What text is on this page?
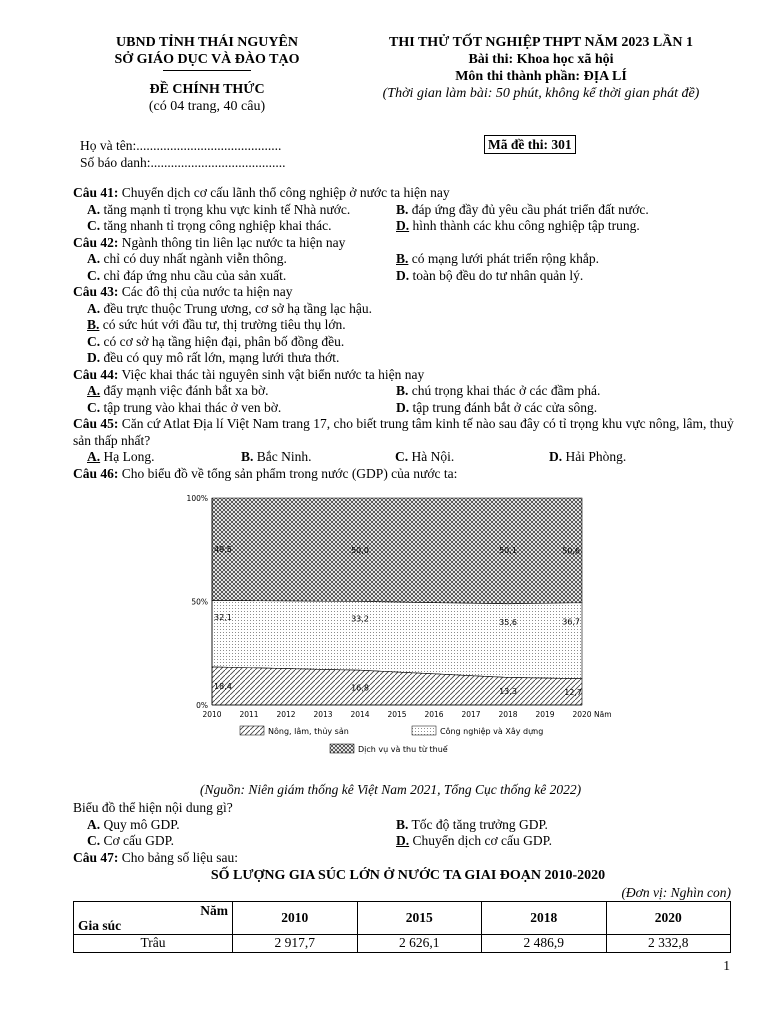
UBND TỈNH THÁI NGUYÊN
SỞ GIÁO DỤC VÀ ĐÀO TẠO
ĐỀ CHÍNH THỨC
(có 04 trang, 40 câu)
THI THỬ TỐT NGHIỆP THPT NĂM 2023 LẦN 1
Bài thi: Khoa học xã hội
Môn thi thành phần: ĐỊA LÍ
(Thời gian làm bài: 50 phút, không kể thời gian phát đề)
Họ và tên:...........................................
Số báo danh:........................................
Mã đề thi: 301
Câu 41: Chuyển dịch cơ cấu lãnh thổ công nghiệp ở nước ta hiện nay
A. tăng mạnh tỉ trọng khu vực kinh tế Nhà nước.	B. đáp ứng đầy đủ yêu cầu phát triển đất nước.
C. tăng nhanh tỉ trọng công nghiệp khai thác.	D. hình thành các khu công nghiệp tập trung.
Câu 42: Ngành thông tin liên lạc nước ta hiện nay
A. chỉ có duy nhất ngành viễn thông.	B. có mạng lưới phát triển rộng khắp.
C. chỉ đáp ứng nhu cầu của sản xuất.	D. toàn bộ đều do tư nhân quản lý.
Câu 43: Các đô thị của nước ta hiện nay
A. đều trực thuộc Trung ương, cơ sở hạ tầng lạc hậu.
B. có sức hút với đầu tư, thị trường tiêu thụ lớn.
C. có cơ sở hạ tầng hiện đại, phân bố đồng đều.
D. đều có quy mô rất lớn, mạng lưới thưa thớt.
Câu 44: Việc khai thác tài nguyên sinh vật biển nước ta hiện nay
A. đẩy mạnh việc đánh bắt xa bờ.	B. chú trọng khai thác ở các đầm phá.
C. tập trung vào khai thác ở ven bờ.	D. tập trung đánh bắt ở các cửa sông.
Câu 45: Căn cứ Atlat Địa lí Việt Nam trang 17, cho biết trung tâm kinh tế nào sau đây có tỉ trọng khu vực nông, lâm, thuỷ sản thấp nhất?
A. Hạ Long.	B. Bắc Ninh.	C. Hà Nội.	D. Hải Phòng.
Câu 46: Cho biểu đồ về tổng sản phẩm trong nước (GDP) của nước ta:
0%
50%
100%
2010 2011 2012 2013 2014 2015 2016 2017 2018 2019 2020 Năm
18,4	16,8	13,3	12,7
32,1	33,2	35,6	36,7
49,5	50,0	50,1	50,6
Nông, lâm, thủy sản	Công nghiệp và Xây dựng
Dịch vụ và thu từ thuế
(Nguồn: Niên giám thống kê Việt Nam 2021, Tổng Cục thống kê 2022)
Biểu đồ thể hiện nội dung gì?
A. Quy mô GDP.	B. Tốc độ tăng trưởng GDP.
C. Cơ cấu GDP.	D. Chuyển dịch cơ cấu GDP.
Câu 47: Cho bảng số liệu sau:
SỐ LƯỢNG GIA SÚC LỚN Ở NƯỚC TA GIAI ĐOẠN 2010-2020
(Đơn vị: Nghìn con)
Năm
Gia súc	2010	2015	2018	2020
Trâu	2 917,7	2 626,1	2 486,9	2 332,8
1
